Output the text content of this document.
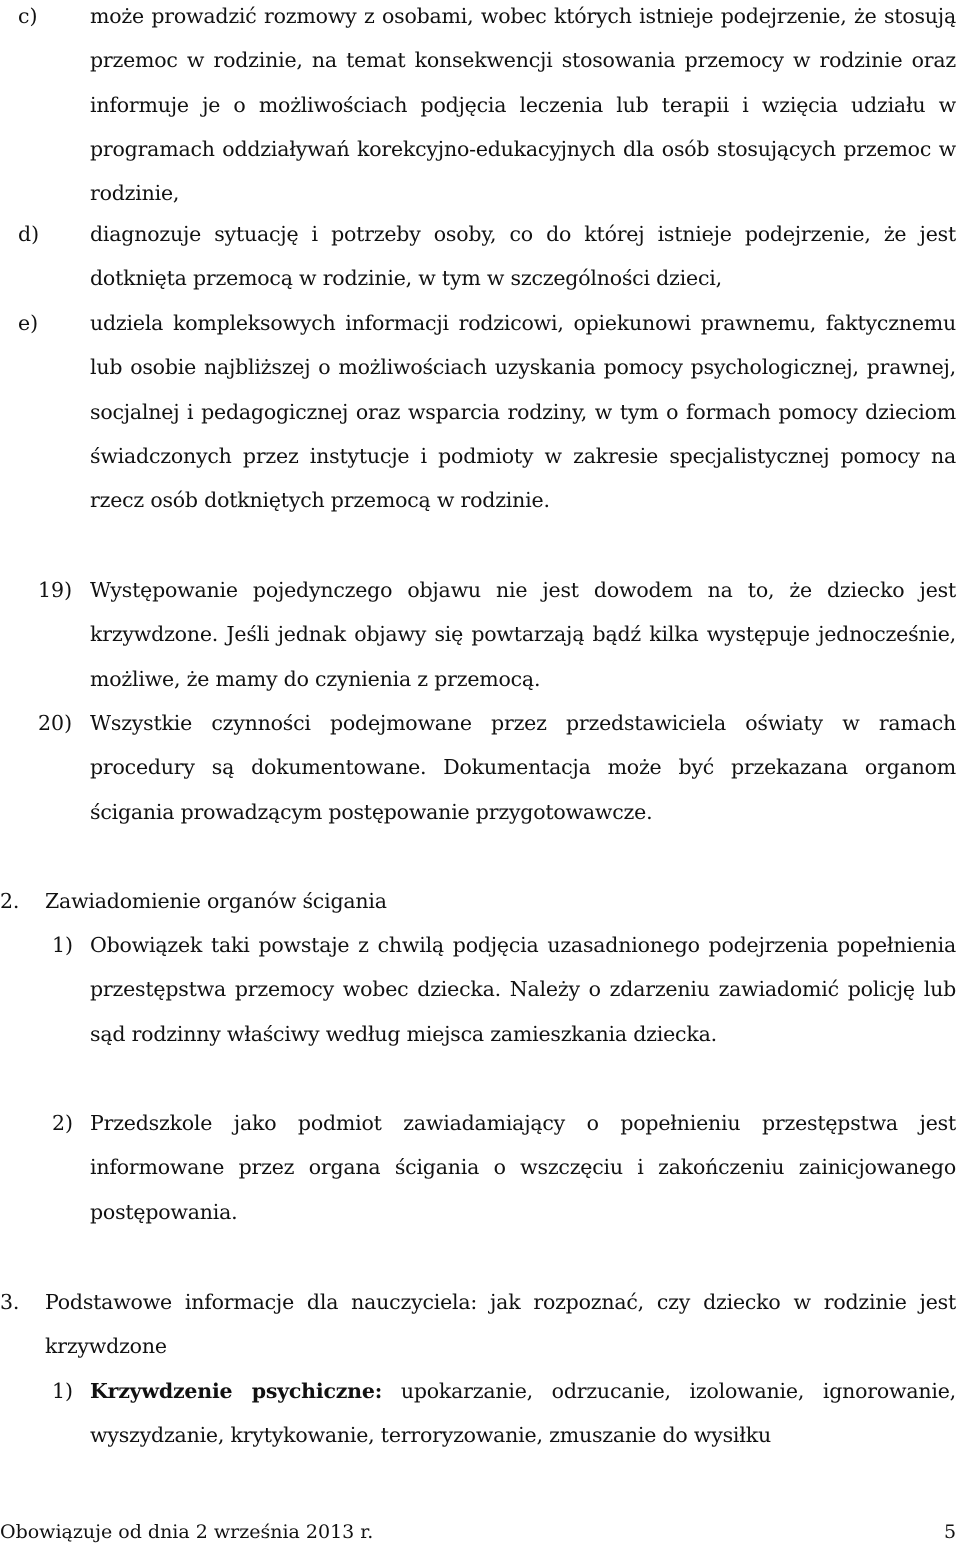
c)	może prowadzić rozmowy z osobami, wobec których istnieje podejrzenie, że stosują przemoc w rodzinie, na temat konsekwencji stosowania przemocy w rodzinie oraz informuje je o możliwościach podjęcia leczenia lub terapii i wzięcia udziału w programach oddziaływań korekcyjno-edukacyjnych dla osób stosujących przemoc w rodzinie,

d) diagnozuje sytuację i potrzeby osoby, co do której istnieje podejrzenie, że jest dotknięta przemocą w rodzinie, w tym w szczególności dzieci,

e)	udziela kompleksowych informacji rodzicowi, opiekunowi prawnemu, faktycznemu lub osobie najbliższej o możliwościach uzyskania pomocy psychologicznej, prawnej, socjalnej i pedagogicznej oraz wsparcia rodziny, w tym o formach pomocy dzieciom świadczonych przez instytucje i podmioty w zakresie specjalistycznej pomocy na rzecz osób dotkniętych przemocą w rodzinie.

19) Występowanie pojedynczego objawu nie jest dowodem na to, że dziecko jest krzywdzone. Jeśli jednak objawy się powtarzają bądź kilka występuje jednocześnie, możliwe, że mamy do czynienia z przemocą.

20) Wszystkie czynności podejmowane przez przedstawiciela oświaty w ramach procedury są dokumentowane. Dokumentacja może być przekazana organom ścigania prowadzącym postępowanie przygotowawcze.

2. Zawiadomienie organów ścigania
1) Obowiązek taki powstaje z chwilą podjęcia uzasadnionego podejrzenia popełnienia przestępstwa przemocy wobec dziecka. Należy o zdarzeniu zawiadomić policję lub sąd rodzinny właściwy według miejsca zamieszkania dziecka.

2) Przedszkole jako podmiot zawiadamiający o popełnieniu przestępstwa jest informowane przez organa ścigania o wszczęciu i zakończeniu zainicjowanego postępowania.

3. Podstawowe informacje dla nauczyciela: jak rozpoznać, czy dziecko w rodzinie jest krzywdzone

1) Krzywdzenie psychiczne: upokarzanie, odrzucanie, izolowanie, ignorowanie, wyszydzanie, krytykowanie, terroryzowanie, zmuszanie do wysiłku

Obowiązuje od dnia 2 września 2013 r.	5
